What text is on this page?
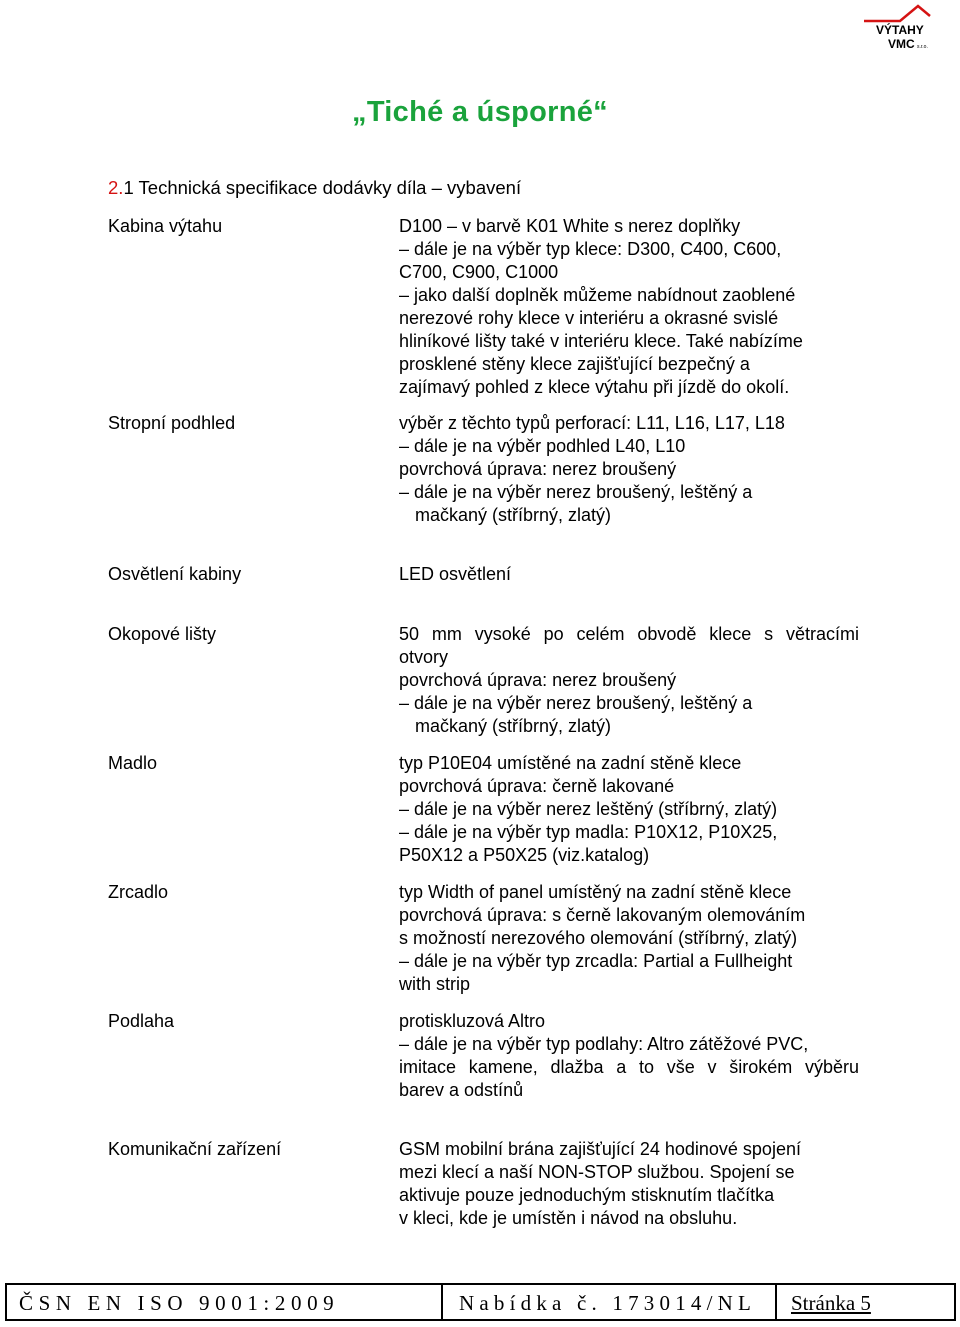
VÝTAHY
VMC s.r.o.
„Tiché a úsporné“
2.1 Technická specifikace dodávky díla – vybavení
Kabina výtahu	D100 – v barvě K01 White s nerez doplňky
– dále je na výběr typ klece: D300, C400, C600,
C700, C900, C1000
– jako další doplněk můžeme nabídnout zaoblené
nerezové rohy klece v interiéru a okrasné svislé
hliníkové lišty také v interiéru klece. Také nabízíme
prosklené stěny klece zajišťující bezpečný a
zajímavý pohled z klece výtahu při jízdě do okolí.
Stropní podhled	výběr z těchto typů perforací: L11, L16, L17, L18
– dále je na výběr podhled L40, L10
povrchová úprava: nerez broušený
– dále je na výběr nerez broušený, leštěný a
mačkaný (stříbrný, zlatý)
Osvětlení kabiny	LED osvětlení
Okopové lišty	50 mm vysoké po celém obvodě klece s větracími
otvory
povrchová úprava: nerez broušený
– dále je na výběr nerez broušený, leštěný a
mačkaný (stříbrný, zlatý)
Madlo	typ P10E04 umístěné na zadní stěně klece
povrchová úprava: černě lakované
– dále je na výběr nerez leštěný (stříbrný, zlatý)
– dále je na výběr typ madla: P10X12, P10X25,
P50X12 a P50X25 (viz.katalog)
Zrcadlo	typ Width of panel umístěný na zadní stěně klece
povrchová úprava: s černě lakovaným olemováním
s možností nerezového olemování (stříbrný, zlatý)
– dále je na výběr typ zrcadla: Partial a Fullheight
with strip
Podlaha	protiskluzová Altro
– dále je na výběr typ podlahy: Altro zátěžové PVC,
imitace kamene, dlažba a to vše v širokém výběru
barev a odstínů
Komunikační zařízení	GSM mobilní brána zajišťující 24 hodinové spojení
mezi klecí a naší NON-STOP službou. Spojení se
aktivuje pouze jednoduchým stisknutím tlačítka
v kleci, kde je umístěn i návod na obsluhu.
ČSN EN ISO 9001:2009	Nabídka č. 173014/NL	Stránka 5
